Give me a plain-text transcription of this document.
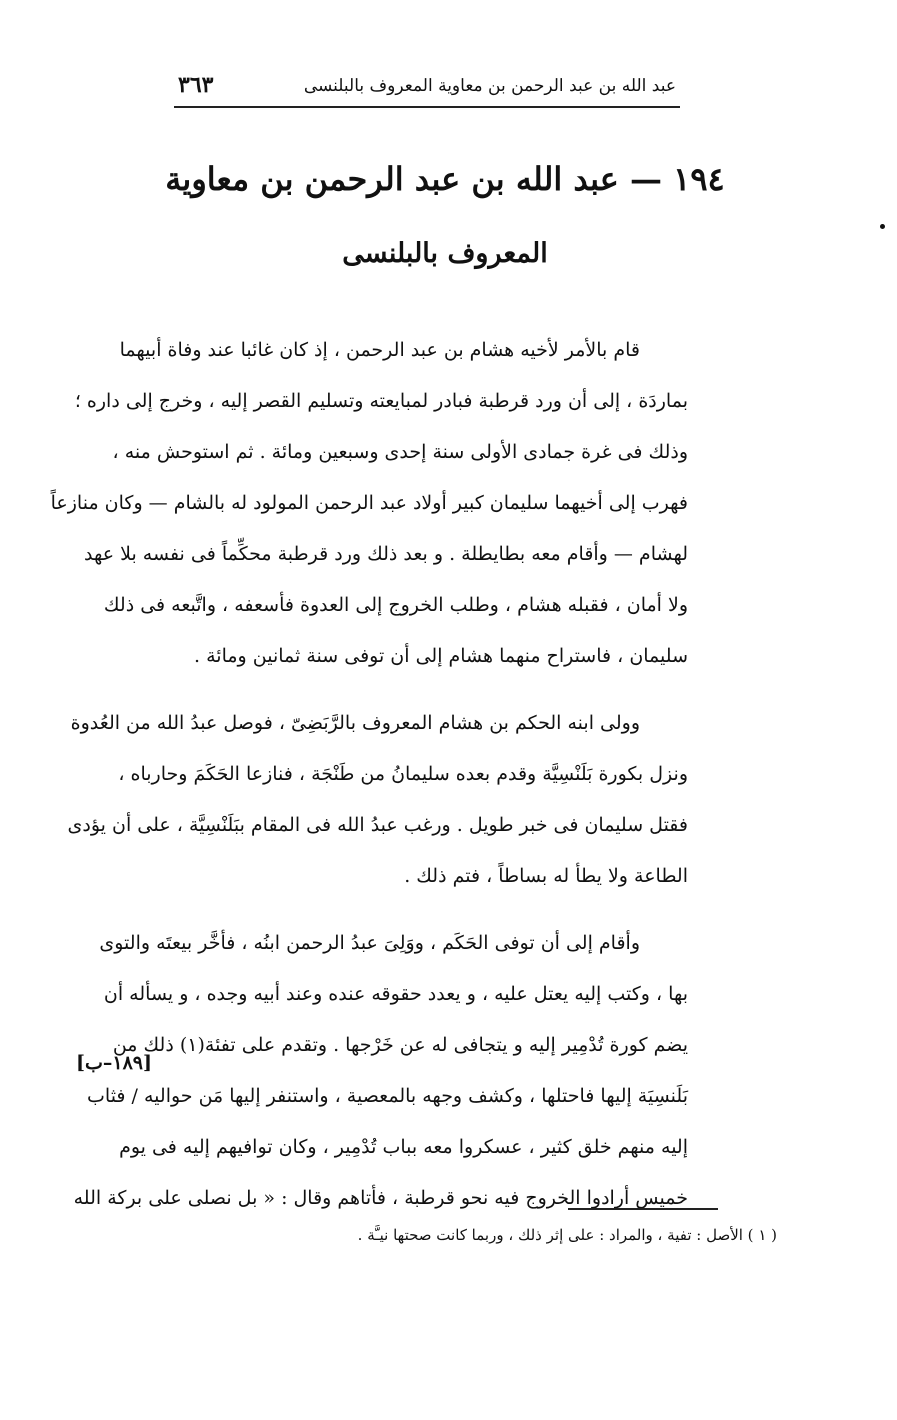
عبد الله بن عبد الرحمن بن معاوية المعروف بالبلنسى
٣٦٣
١٩٤ — عبد الله بن عبد الرحمن بن معاوية
المعروف بالبلنسى
قام بالأمر لأخيه هشام بن عبد الرحمن ، إذ كان غائبا عند وفاة أبيهما
بماردَة ، إلى أن ورد قرطبة فبادر لمبايعته وتسليم القصر إليه ، وخرج إلى داره ؛
وذلك فى غرة جمادى الأولى سنة إحدى وسبعين ومائة . ثم استوحش منه ،
فهرب إلى أخيهما سليمان كبير أولاد عبد الرحمن المولود له بالشام — وكان منازعاً
لهشام — وأقام معه بطايطلة . و بعد ذلك ورد قرطبة محكِّماً فى نفسه بلا عهد
ولا أمان ، فقبله هشام ، وطلب الخروج إلى العدوة فأسعفه ، واتَّبعه فى ذلك
سليمان ، فاستراح منهما هشام إلى أن توفى سنة ثمانين ومائة .
وولى ابنه الحكم بن هشام المعروف بالرَّبَضِىّ ، فوصل عبدُ الله من العُدوة
ونزل بكورة بَلَنْسِيَّة وقدم بعده سليمانُ من طَنْجَة ، فنازعا الحَكَمَ وحارباه ،
فقتل سليمان فى خبر طويل . ورغب عبدُ الله فى المقام ببَلَنْسِيَّة ، على أن يؤدى
الطاعة ولا يطأ له بساطاً ، فتم ذلك .
وأقام إلى أن توفى الحَكَم ، ووَلِىَ عبدُ الرحمن ابنُه ، فأخَّر بيعتَه والتوى
بها ، وكتب إليه يعتل عليه ، و يعدد حقوقه عنده وعند أبيه وجده ، و يسأله أن
يضم كورة تُدْمِير إليه و يتجافى له عن خَرْجها . وتقدم على تفئة(١) ذلك من
بَلَنسِيَة إليها فاحتلها ، وكشف وجهه بالمعصية ، واستنفر إليها مَن حواليه / فثاب
إليه منهم خلق كثير ، عسكروا معه بباب تُدْمِير ، وكان توافيهم إليه فى يوم
خميس أرادوا الخروج فيه نحو قرطبة ، فأتاهم وقال : « بل نصلى على بركة الله
[١٨٩–ب]
( ١ ) الأصل : تفية ، والمراد : على إثر ذلك ، وربما كانت صحتها نيـَّة .
